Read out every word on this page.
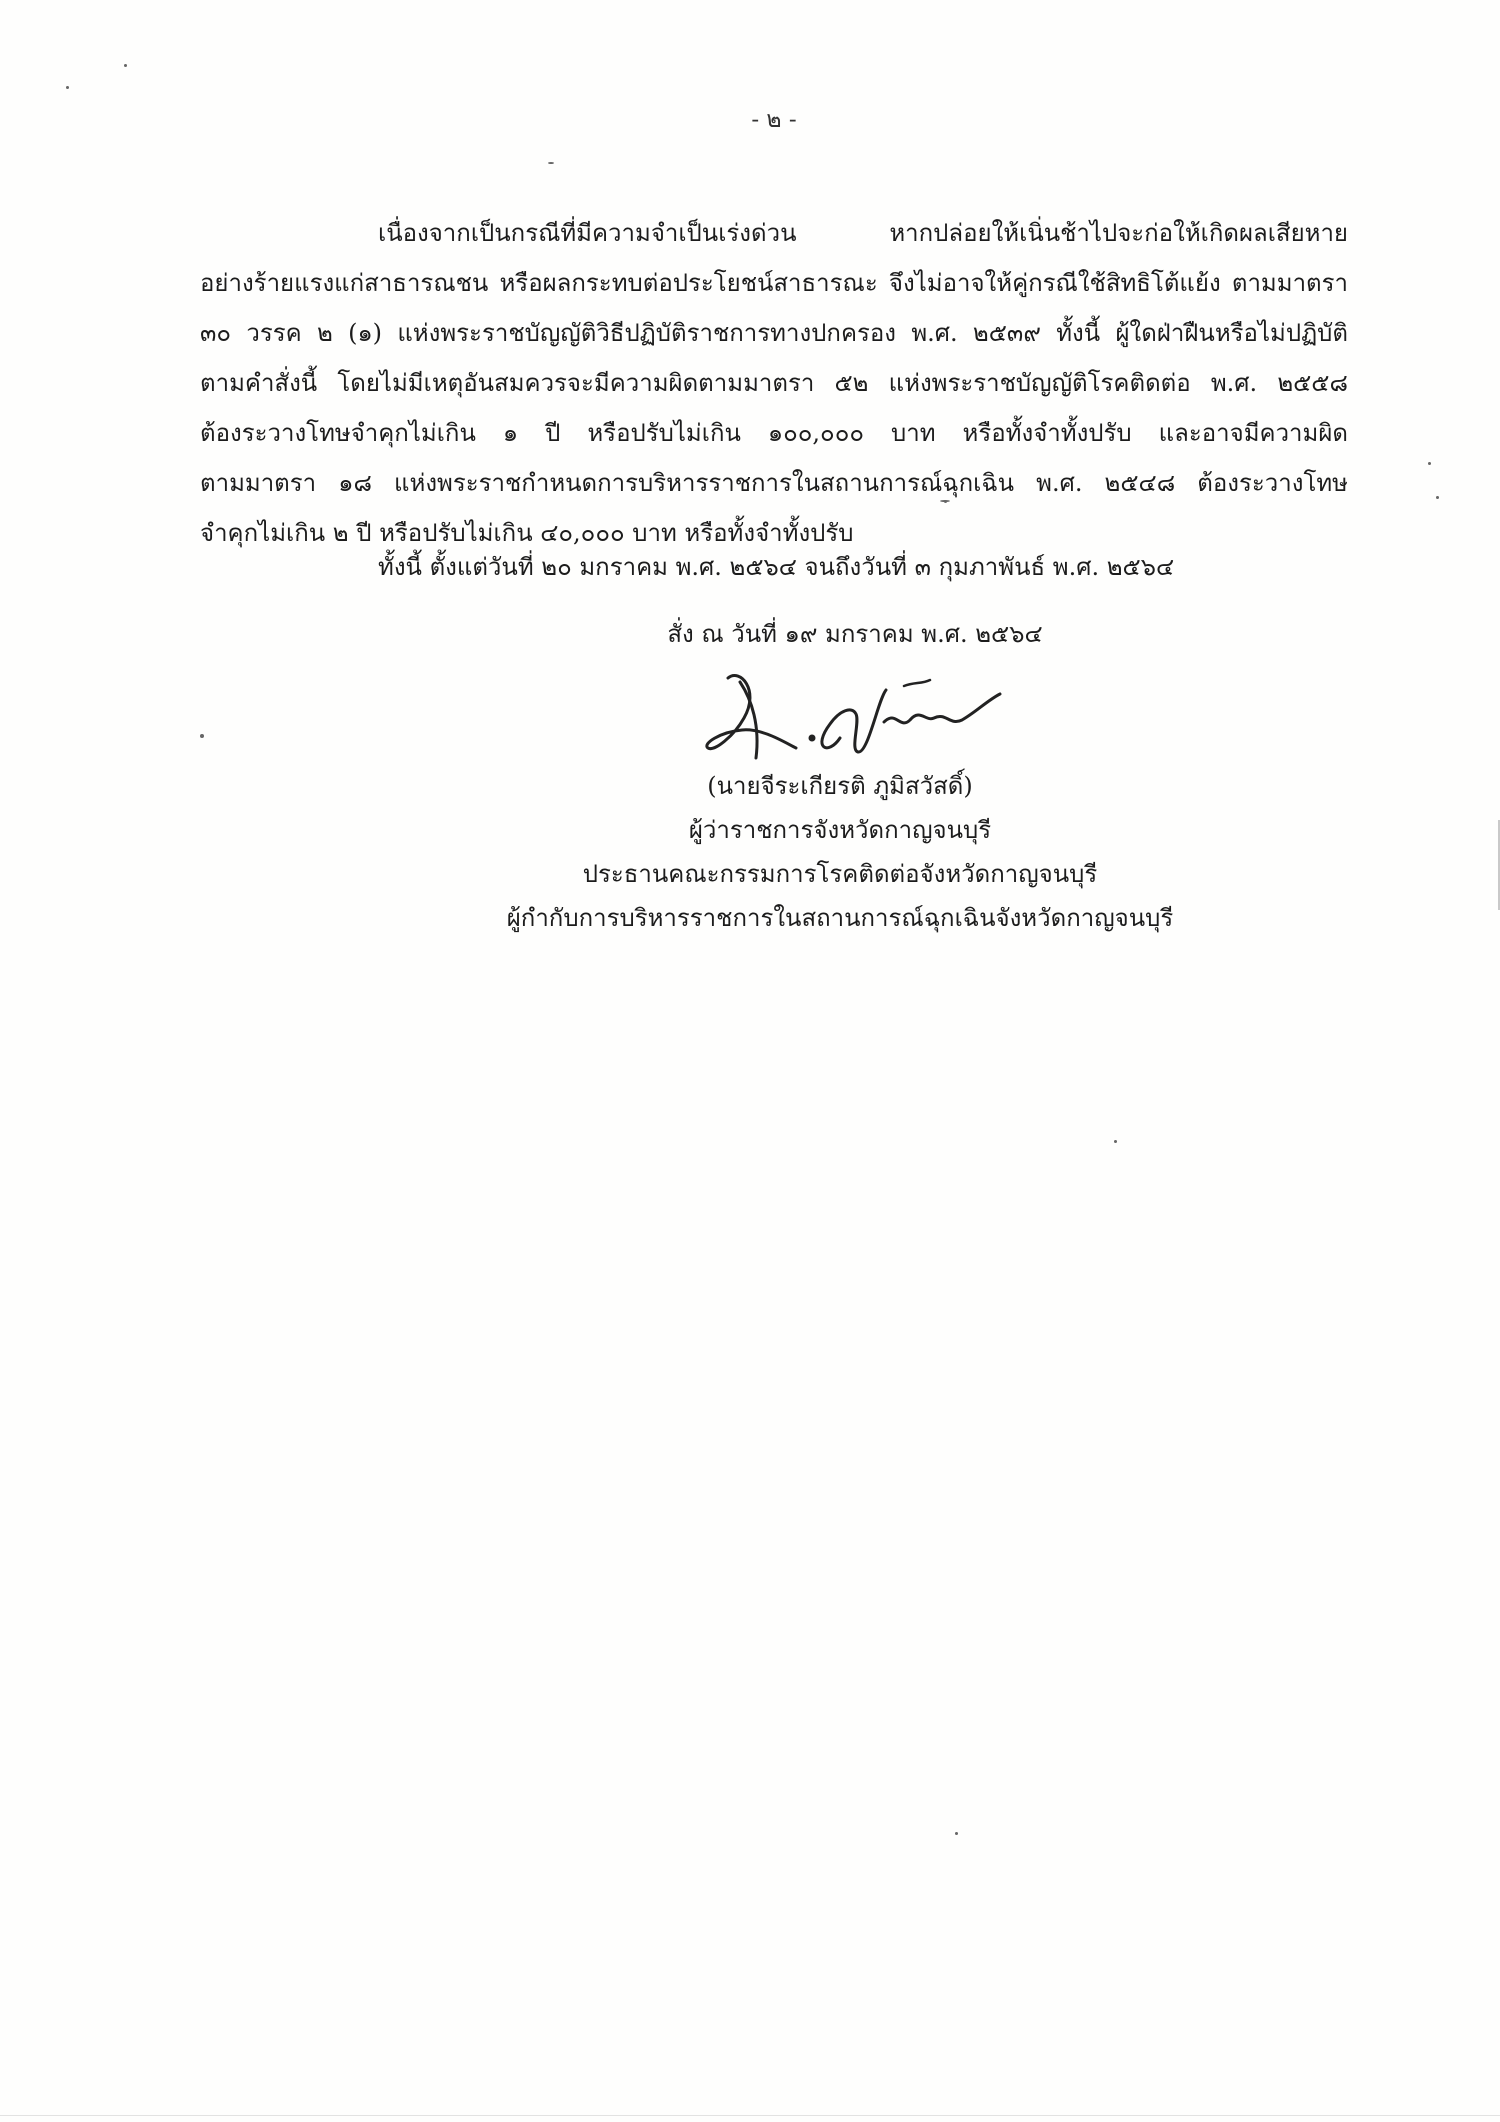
- ๒ -
เนื่องจากเป็นกรณีที่มีความจำเป็นเร่งด่วน หากปล่อยให้เนิ่นช้าไปจะก่อให้เกิดผลเสียหาย
อย่างร้ายแรงแก่สาธารณชน หรือผลกระทบต่อประโยชน์สาธารณะ จึงไม่อาจให้คู่กรณีใช้สิทธิโต้แย้ง ตามมาตรา
๓๐ วรรค ๒ (๑) แห่งพระราชบัญญัติวิธีปฏิบัติราชการทางปกครอง พ.ศ. ๒๕๓๙ ทั้งนี้ ผู้ใดฝ่าฝืนหรือไม่ปฏิบัติ
ตามคำสั่งนี้ โดยไม่มีเหตุอันสมควรจะมีความผิดตามมาตรา ๕๒ แห่งพระราชบัญญัติโรคติดต่อ พ.ศ. ๒๕๕๘
ต้องระวางโทษจำคุกไม่เกิน ๑ ปี หรือปรับไม่เกิน ๑๐๐,๐๐๐ บาท หรือทั้งจำทั้งปรับ และอาจมีความผิด
ตามมาตรา ๑๘ แห่งพระราชกำหนดการบริหารราชการในสถานการณ์ฉุกเฉิน พ.ศ. ๒๕๔๘ ต้องระวางโทษ
จำคุกไม่เกิน ๒ ปี หรือปรับไม่เกิน ๔๐,๐๐๐ บาท หรือทั้งจำทั้งปรับ
ทั้งนี้ ตั้งแต่วันที่ ๒๐ มกราคม พ.ศ. ๒๕๖๔ จนถึงวันที่ ๓ กุมภาพันธ์ พ.ศ. ๒๕๖๔
สั่ง ณ วันที่ ๑๙ มกราคม พ.ศ. ๒๕๖๔
(นายจีระเกียรติ ภูมิสวัสดิ์)
ผู้ว่าราชการจังหวัดกาญจนบุรี
ประธานคณะกรรมการโรคติดต่อจังหวัดกาญจนบุรี
ผู้กำกับการบริหารราชการในสถานการณ์ฉุกเฉินจังหวัดกาญจนบุรี
